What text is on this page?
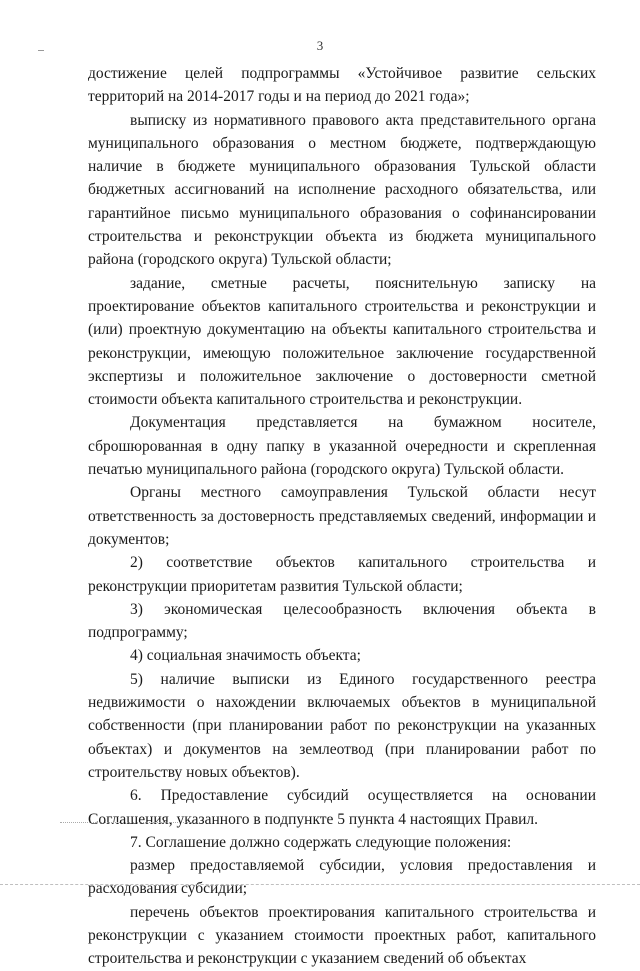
3

достижение целей подпрограммы «Устойчивое развитие сельских территорий на 2014-2017 годы и на период до 2021 года»;

выписку из нормативного правового акта представительного органа муниципального образования о местном бюджете, подтверждающую наличие в бюджете муниципального образования Тульской области бюджетных ассигнований на исполнение расходного обязательства, или гарантийное письмо муниципального образования о софинансировании строительства и реконструкции объекта из бюджета муниципального района (городского округа) Тульской области;

задание, сметные расчеты, пояснительную записку на проектирование объектов капитального строительства и реконструкции и (или) проектную документацию на объекты капитального строительства и реконструкции, имеющую положительное заключение государственной экспертизы и положительное заключение о достоверности сметной стоимости объекта капитального строительства и реконструкции.

Документация представляется на бумажном носителе, сброшюрованная в одну папку в указанной очередности и скрепленная печатью муниципального района (городского округа) Тульской области.

Органы местного самоуправления Тульской области несут ответственность за достоверность представляемых сведений, информации и документов;

2) соответствие объектов капитального строительства и реконструкции приоритетам развития Тульской области;

3) экономическая целесообразность включения объекта в подпрограмму;

4) социальная значимость объекта;

5) наличие выписки из Единого государственного реестра недвижимости о нахождении включаемых объектов в муниципальной собственности (при планировании работ по реконструкции на указанных объектах) и документов на землеотвод (при планировании работ по строительству новых объектов).

6. Предоставление субсидий осуществляется на основании Соглашения, указанного в подпункте 5 пункта 4 настоящих Правил.

7. Соглашение должно содержать следующие положения:

размер предоставляемой субсидии, условия предоставления и расходования субсидии;

перечень объектов проектирования капитального строительства и реконструкции с указанием стоимости проектных работ, капитального строительства и реконструкции с указанием сведений об объектах
